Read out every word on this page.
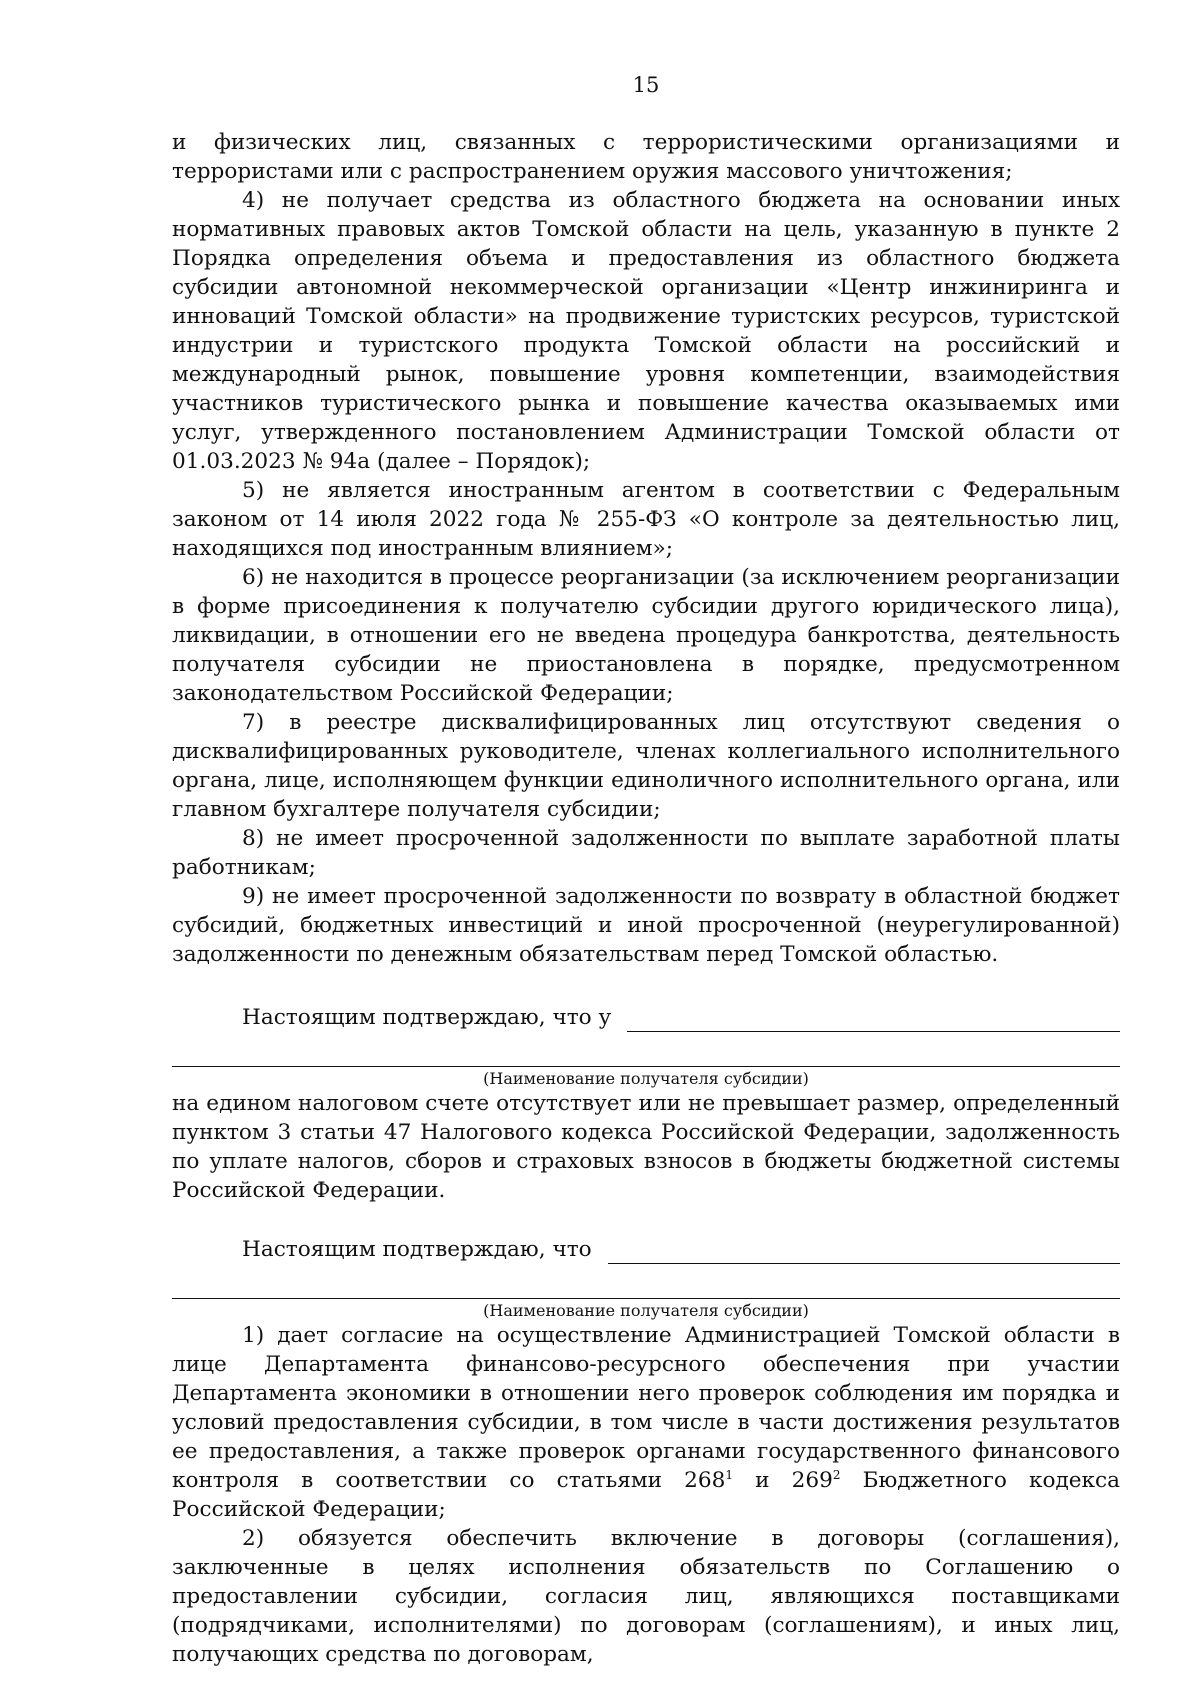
15

и физических лиц, связанных с террористическими организациями и террористами или с распространением оружия массового уничтожения;

4) не получает средства из областного бюджета на основании иных нормативных правовых актов Томской области на цель, указанную в пункте 2 Порядка определения объема и предоставления из областного бюджета субсидии автономной некоммерческой организации «Центр инжиниринга и инноваций Томской области» на продвижение туристских ресурсов, туристской индустрии и туристского продукта Томской области на российский и международный рынок, повышение уровня компетенции, взаимодействия участников туристического рынка и повышение качества оказываемых ими услуг, утвержденного постановлением Администрации Томской области от 01.03.2023 № 94а (далее – Порядок);

5) не является иностранным агентом в соответствии с Федеральным законом от 14 июля 2022 года № 255-ФЗ «О контроле за деятельностью лиц, находящихся под иностранным влиянием»;

6) не находится в процессе реорганизации (за исключением реорганизации в форме присоединения к получателю субсидии другого юридического лица), ликвидации, в отношении его не введена процедура банкротства, деятельность получателя субсидии не приостановлена в порядке, предусмотренном законодательством Российской Федерации;

7) в реестре дисквалифицированных лиц отсутствуют сведения о дисквалифицированных руководителе, членах коллегиального исполнительного органа, лице, исполняющем функции единоличного исполнительного органа, или главном бухгалтере получателя субсидии;

8) не имеет просроченной задолженности по выплате заработной платы работникам;

9) не имеет просроченной задолженности по возврату в областной бюджет субсидий, бюджетных инвестиций и иной просроченной (неурегулированной) задолженности по денежным обязательствам перед Томской областью.

Настоящим подтверждаю, что у
(Наименование получателя субсидии)

на едином налоговом счете отсутствует или не превышает размер, определенный пунктом 3 статьи 47 Налогового кодекса Российской Федерации, задолженность по уплате налогов, сборов и страховых взносов в бюджеты бюджетной системы Российской Федерации.

Настоящим подтверждаю, что
(Наименование получателя субсидии)

1) дает согласие на осуществление Администрацией Томской области в лице Департамента финансово-ресурсного обеспечения при участии Департамента экономики в отношении него проверок соблюдения им порядка и условий предоставления субсидии, в том числе в части достижения результатов ее предоставления, а также проверок органами государственного финансового контроля в соответствии со статьями $268^1$ и $269^2$ Бюджетного кодекса Российской Федерации;

2) обязуется обеспечить включение в договоры (соглашения), заключенные в целях исполнения обязательств по Соглашению о предоставлении субсидии, согласия лиц, являющихся поставщиками (подрядчиками, исполнителями) по договорам (соглашениям), и иных лиц, получающих средства по договорам,
